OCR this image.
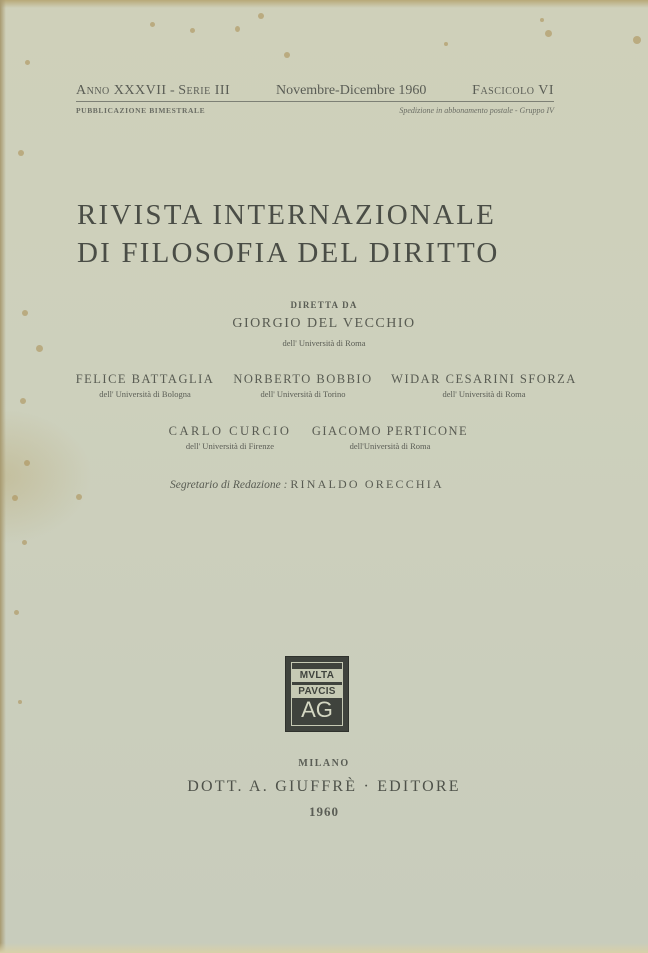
Anno XXXVII - Serie III	Novembre-Dicembre 1960	Fascicolo VI
PUBBLICAZIONE BIMESTRALE	Spedizione in abbonamento postale - Gruppo IV
RIVISTA INTERNAZIONALE
DI FILOSOFIA DEL DIRITTO
DIRETTA DA
GIORGIO DEL VECCHIO
dell' Università di Roma
FELICE BATTAGLIA
dell' Università di Bologna
NORBERTO BOBBIO
dell' Università di Torino
WIDAR CESARINI SFORZA
dell' Università di Roma
CARLO CURCIO
dell' Università di Firenze
GIACOMO PERTICONE
dell'Università di Roma
Segretario di Redazione : RINALDO ORECCHIA
MVLTA
PAVCIS
AG
MILANO
DOTT. A. GIUFFRÈ · EDITORE
1960
